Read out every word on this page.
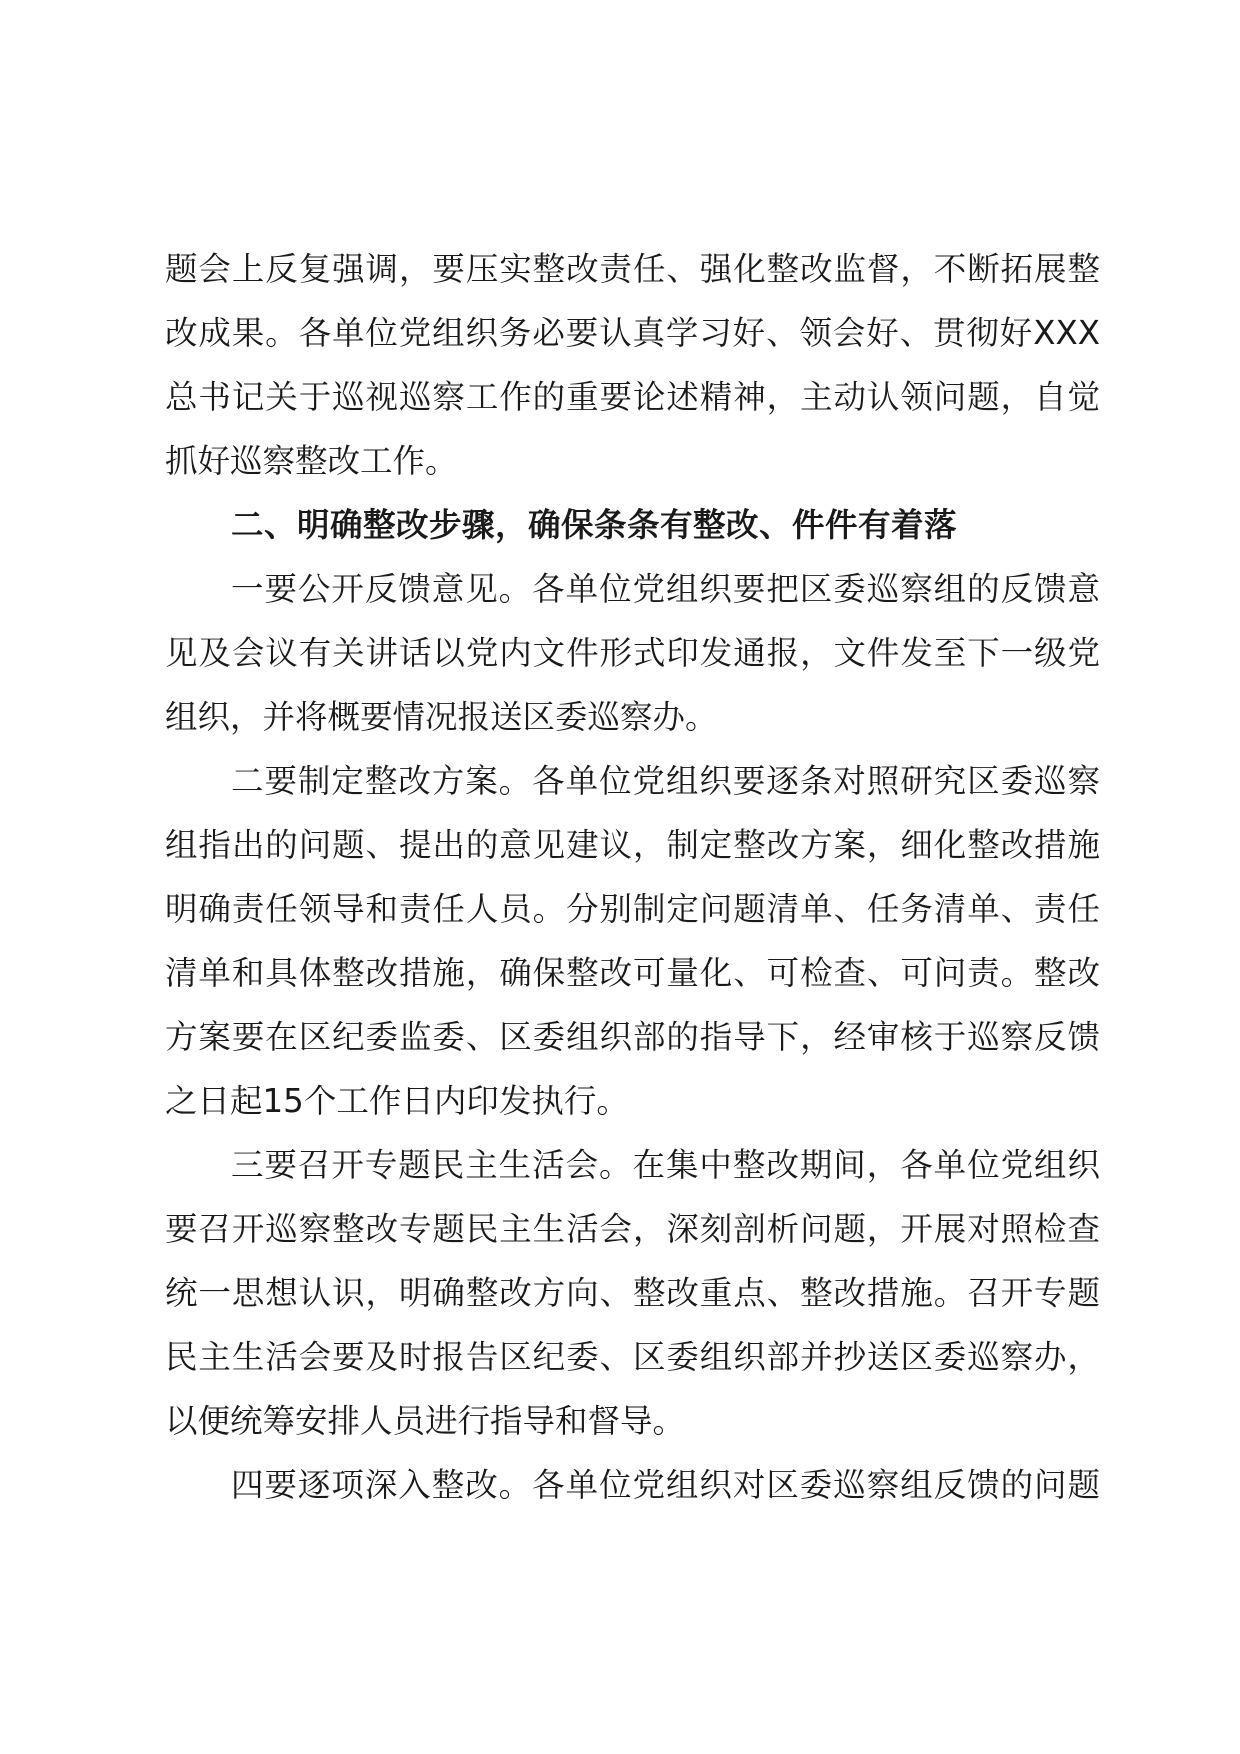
题会上反复强调，要压实整改责任、强化整改监督，不断拓展整
改成果。各单位党组织务必要认真学习好、领会好、贯彻好XXX
总书记关于巡视巡察工作的重要论述精神，主动认领问题，自觉
抓好巡察整改工作。
二、明确整改步骤，确保条条有整改、件件有着落
一要公开反馈意见。各单位党组织要把区委巡察组的反馈意
见及会议有关讲话以党内文件形式印发通报，文件发至下一级党
组织，并将概要情况报送区委巡察办。
二要制定整改方案。各单位党组织要逐条对照研究区委巡察
组指出的问题、提出的意见建议，制定整改方案，细化整改措施
明确责任领导和责任人员。分别制定问题清单、任务清单、责任
清单和具体整改措施，确保整改可量化、可检查、可问责。整改
方案要在区纪委监委、区委组织部的指导下，经审核于巡察反馈
之日起15个工作日内印发执行。
三要召开专题民主生活会。在集中整改期间，各单位党组织
要召开巡察整改专题民主生活会，深刻剖析问题，开展对照检查
统一思想认识，明确整改方向、整改重点、整改措施。召开专题
民主生活会要及时报告区纪委、区委组织部并抄送区委巡察办，
以便统筹安排人员进行指导和督导。
四要逐项深入整改。各单位党组织对区委巡察组反馈的问题
